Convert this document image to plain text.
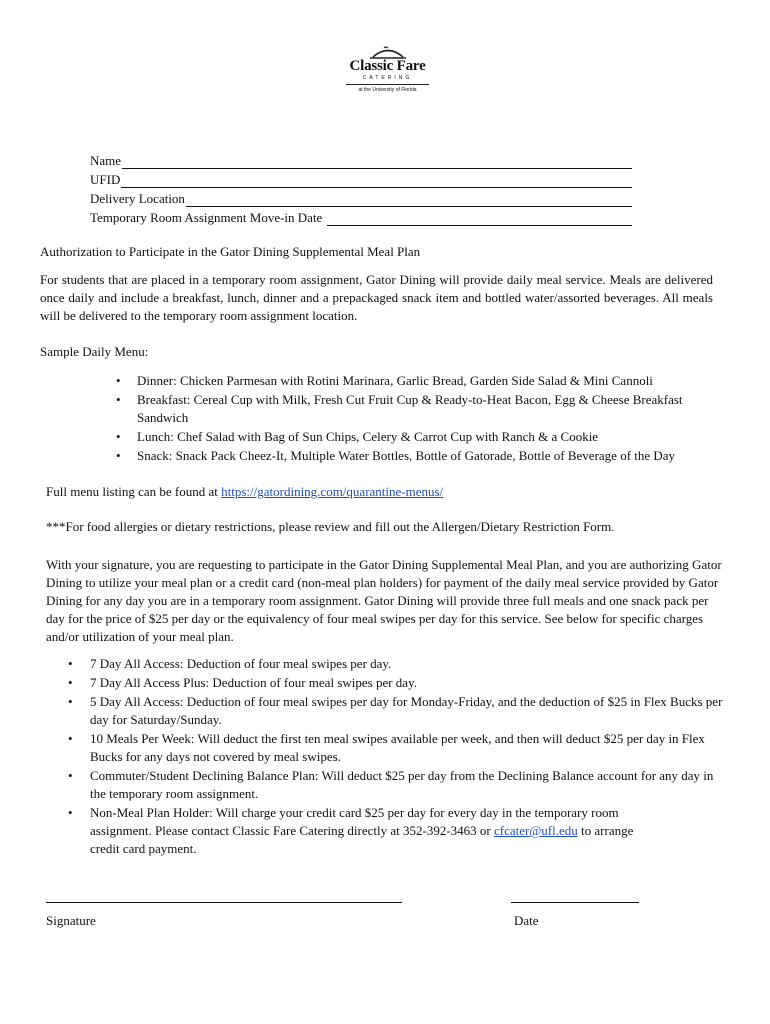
Classic Fare
CATERING
at the University of Florida
Name
UFID
Delivery Location
Temporary Room Assignment Move-in Date
Authorization to Participate in the Gator Dining Supplemental Meal Plan
For students that are placed in a temporary room assignment, Gator Dining will provide daily meal service. Meals are delivered once daily and include a breakfast, lunch, dinner and a prepackaged snack item and bottled water/assorted beverages. All meals will be delivered to the temporary room assignment location.
Sample Daily Menu:
• Dinner: Chicken Parmesan with Rotini Marinara, Garlic Bread, Garden Side Salad & Mini Cannoli
• Breakfast: Cereal Cup with Milk, Fresh Cut Fruit Cup & Ready-to-Heat Bacon, Egg & Cheese Breakfast Sandwich
• Lunch: Chef Salad with Bag of Sun Chips, Celery & Carrot Cup with Ranch & a Cookie
• Snack: Snack Pack Cheez-It, Multiple Water Bottles, Bottle of Gatorade, Bottle of Beverage of the Day
Full menu listing can be found at https://gatordining.com/quarantine-menus/
***For food allergies or dietary restrictions, please review and fill out the Allergen/Dietary Restriction Form.
With your signature, you are requesting to participate in the Gator Dining Supplemental Meal Plan, and you are authorizing Gator Dining to utilize your meal plan or a credit card (non-meal plan holders) for payment of the daily meal service provided by Gator Dining for any day you are in a temporary room assignment. Gator Dining will provide three full meals and one snack pack per day for the price of $25 per day or the equivalency of four meal swipes per day for this service. See below for specific charges and/or utilization of your meal plan.
• 7 Day All Access: Deduction of four meal swipes per day.
• 7 Day All Access Plus: Deduction of four meal swipes per day.
• 5 Day All Access: Deduction of four meal swipes per day for Monday-Friday, and the deduction of $25 in Flex Bucks per day for Saturday/Sunday.
• 10 Meals Per Week: Will deduct the first ten meal swipes available per week, and then will deduct $25 per day in Flex Bucks for any days not covered by meal swipes.
• Commuter/Student Declining Balance Plan: Will deduct $25 per day from the Declining Balance account for any day in the temporary room assignment.
• Non-Meal Plan Holder: Will charge your credit card $25 per day for every day in the temporary room
assignment. Please contact Classic Fare Catering directly at 352-392-3463 or cfcater@ufl.edu to arrange
credit card payment.
Signature	Date
